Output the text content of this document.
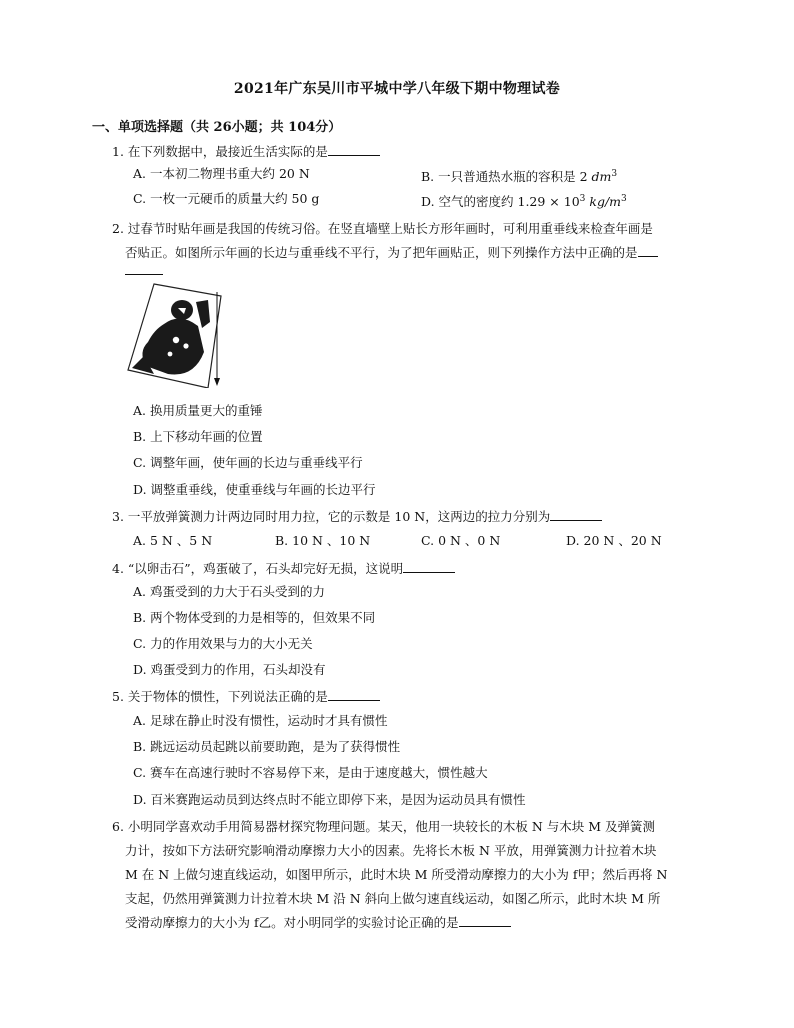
2021年广东吴川市平城中学八年级下期中物理试卷
一、单项选择题（共 26小题；共 104分）
1. 在下列数据中，最接近生活实际的是
A. 一本初二物理书重大约 20 N	B. 一只普通热水瓶的容积是 2 $dm^3$
C. 一枚一元硬币的质量大约 50 g	D. 空气的密度约 $1.29 \times 10^3$ $kg/m^3$
2. 过春节时贴年画是我国的传统习俗。在竖直墙壁上贴长方形年画时，可利用重垂线来检查年画是
否贴正。如图所示年画的长边与重垂线不平行，为了把年画贴正，则下列操作方法中正确的是
A. 换用质量更大的重锤
B. 上下移动年画的位置
C. 调整年画，使年画的长边与重垂线平行
D. 调整重垂线，使重垂线与年画的长边平行
3. 一平放弹簧测力计两边同时用力拉，它的示数是 10 N，这两边的拉力分别为
A. 5 N 、5 N	B. 10 N 、10 N	C. 0 N 、0 N	D. 20 N 、20 N
4. “以卵击石”，鸡蛋破了，石头却完好无损，这说明
A. 鸡蛋受到的力大于石头受到的力
B. 两个物体受到的力是相等的，但效果不同
C. 力的作用效果与力的大小无关
D. 鸡蛋受到力的作用，石头却没有
5. 关于物体的惯性，下列说法正确的是
A. 足球在静止时没有惯性，运动时才具有惯性
B. 跳远运动员起跳以前要助跑，是为了获得惯性
C. 赛车在高速行驶时不容易停下来，是由于速度越大，惯性越大
D. 百米赛跑运动员到达终点时不能立即停下来，是因为运动员具有惯性
6. 小明同学喜欢动手用简易器材探究物理问题。某天，他用一块较长的木板 N 与木块 M 及弹簧测
力计，按如下方法研究影响滑动摩擦力大小的因素。先将长木板 N 平放，用弹簧测力计拉着木块
M 在 N 上做匀速直线运动，如图甲所示，此时木块 M 所受滑动摩擦力的大小为 f甲；然后再将 N
支起，仍然用弹簧测力计拉着木块 M 沿 N 斜向上做匀速直线运动，如图乙所示，此时木块 M 所
受滑动摩擦力的大小为 f乙。对小明同学的实验讨论正确的是
